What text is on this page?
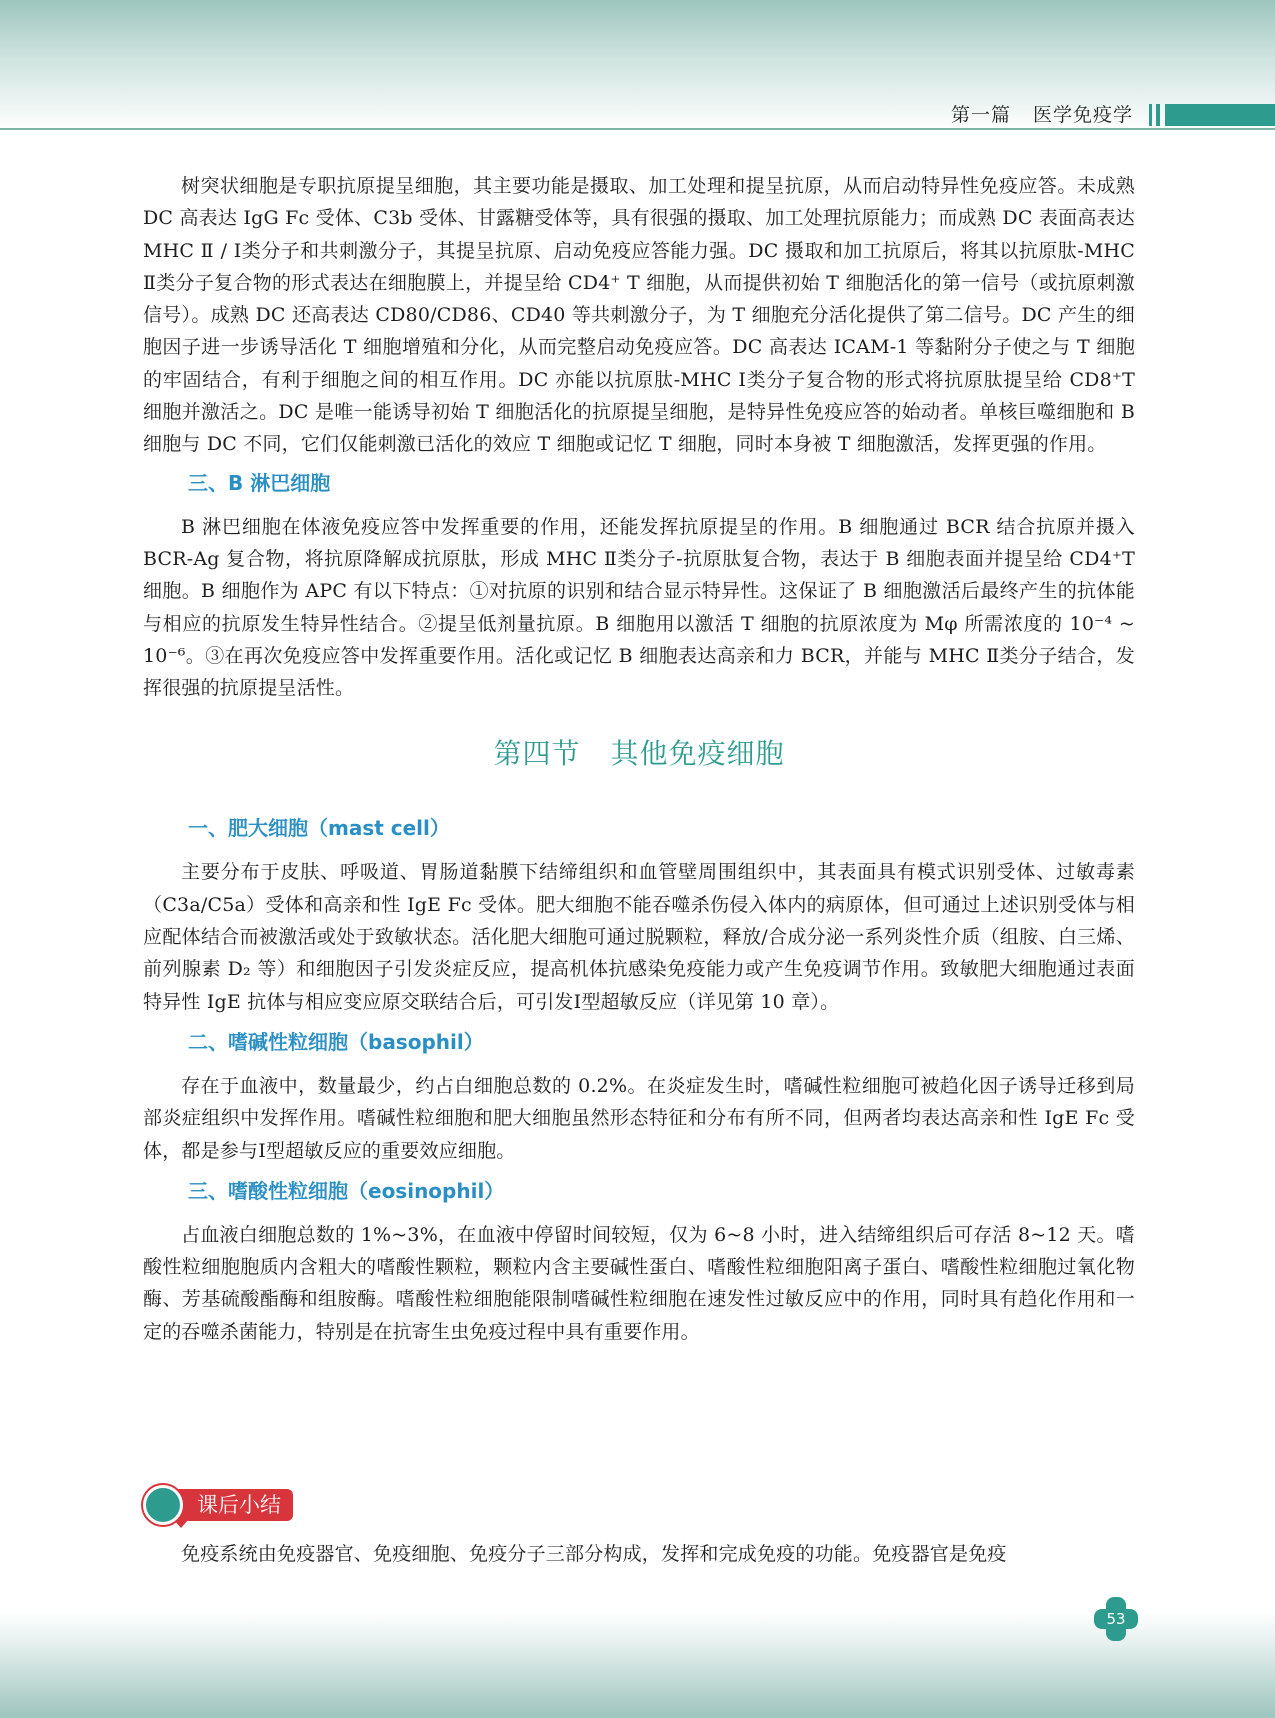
第一篇 医学免疫学

树突状细胞是专职抗原提呈细胞，其主要功能是摄取、加工处理和提呈抗原，从而启动特异性免疫应答。未成熟 DC 高表达 IgG Fc 受体、C3b 受体、甘露糖受体等，具有很强的摄取、加工处理抗原能力；而成熟 DC 表面高表达 MHC Ⅱ / Ⅰ类分子和共刺激分子，其提呈抗原、启动免疫应答能力强。DC 摄取和加工抗原后，将其以抗原肽-MHC Ⅱ类分子复合物的形式表达在细胞膜上，并提呈给 CD4⁺ T 细胞，从而提供初始 T 细胞活化的第一信号（或抗原刺激信号）。成熟 DC 还高表达 CD80/CD86、CD40 等共刺激分子，为 T 细胞充分活化提供了第二信号。DC 产生的细胞因子进一步诱导活化 T 细胞增殖和分化，从而完整启动免疫应答。DC 高表达 ICAM-1 等黏附分子使之与 T 细胞的牢固结合，有利于细胞之间的相互作用。DC 亦能以抗原肽-MHC Ⅰ类分子复合物的形式将抗原肽提呈给 CD8⁺T 细胞并激活之。DC 是唯一能诱导初始 T 细胞活化的抗原提呈细胞，是特异性免疫应答的始动者。单核巨噬细胞和 B 细胞与 DC 不同，它们仅能刺激已活化的效应 T 细胞或记忆 T 细胞，同时本身被 T 细胞激活，发挥更强的作用。

三、B 淋巴细胞

B 淋巴细胞在体液免疫应答中发挥重要的作用，还能发挥抗原提呈的作用。B 细胞通过 BCR 结合抗原并摄入 BCR-Ag 复合物，将抗原降解成抗原肽，形成 MHC Ⅱ类分子-抗原肽复合物，表达于 B 细胞表面并提呈给 CD4⁺T 细胞。B 细胞作为 APC 有以下特点：①对抗原的识别和结合显示特异性。这保证了 B 细胞激活后最终产生的抗体能与相应的抗原发生特异性结合。②提呈低剂量抗原。B 细胞用以激活 T 细胞的抗原浓度为 Mφ 所需浓度的 10⁻⁴ ~ 10⁻⁶。③在再次免疫应答中发挥重要作用。活化或记忆 B 细胞表达高亲和力 BCR，并能与 MHC Ⅱ类分子结合，发挥很强的抗原提呈活性。

第四节 其他免疫细胞
一、肥大细胞（mast cell）

主要分布于皮肤、呼吸道、胃肠道黏膜下结缔组织和血管壁周围组织中，其表面具有模式识别受体、过敏毒素（C3a/C5a）受体和高亲和性 IgE Fc 受体。肥大细胞不能吞噬杀伤侵入体内的病原体，但可通过上述识别受体与相应配体结合而被激活或处于致敏状态。活化肥大细胞可通过脱颗粒，释放/合成分泌一系列炎性介质（组胺、白三烯、前列腺素 D₂ 等）和细胞因子引发炎症反应，提高机体抗感染免疫能力或产生免疫调节作用。致敏肥大细胞通过表面特异性 IgE 抗体与相应变应原交联结合后，可引发Ⅰ型超敏反应（详见第 10 章）。

二、嗜碱性粒细胞（basophil）

存在于血液中，数量最少，约占白细胞总数的 0.2%。在炎症发生时，嗜碱性粒细胞可被趋化因子诱导迁移到局部炎症组织中发挥作用。嗜碱性粒细胞和肥大细胞虽然形态特征和分布有所不同，但两者均表达高亲和性 IgE Fc 受体，都是参与Ⅰ型超敏反应的重要效应细胞。

三、嗜酸性粒细胞（eosinophil）

占血液白细胞总数的 1%~3%，在血液中停留时间较短，仅为 6~8 小时，进入结缔组织后可存活 8~12 天。嗜酸性粒细胞胞质内含粗大的嗜酸性颗粒，颗粒内含主要碱性蛋白、嗜酸性粒细胞阳离子蛋白、嗜酸性粒细胞过氧化物酶、芳基硫酸酯酶和组胺酶。嗜酸性粒细胞能限制嗜碱性粒细胞在速发性过敏反应中的作用，同时具有趋化作用和一定的吞噬杀菌能力，特别是在抗寄生虫免疫过程中具有重要作用。

课后小结

免疫系统由免疫器官、免疫细胞、免疫分子三部分构成，发挥和完成免疫的功能。免疫器官是免疫

53
